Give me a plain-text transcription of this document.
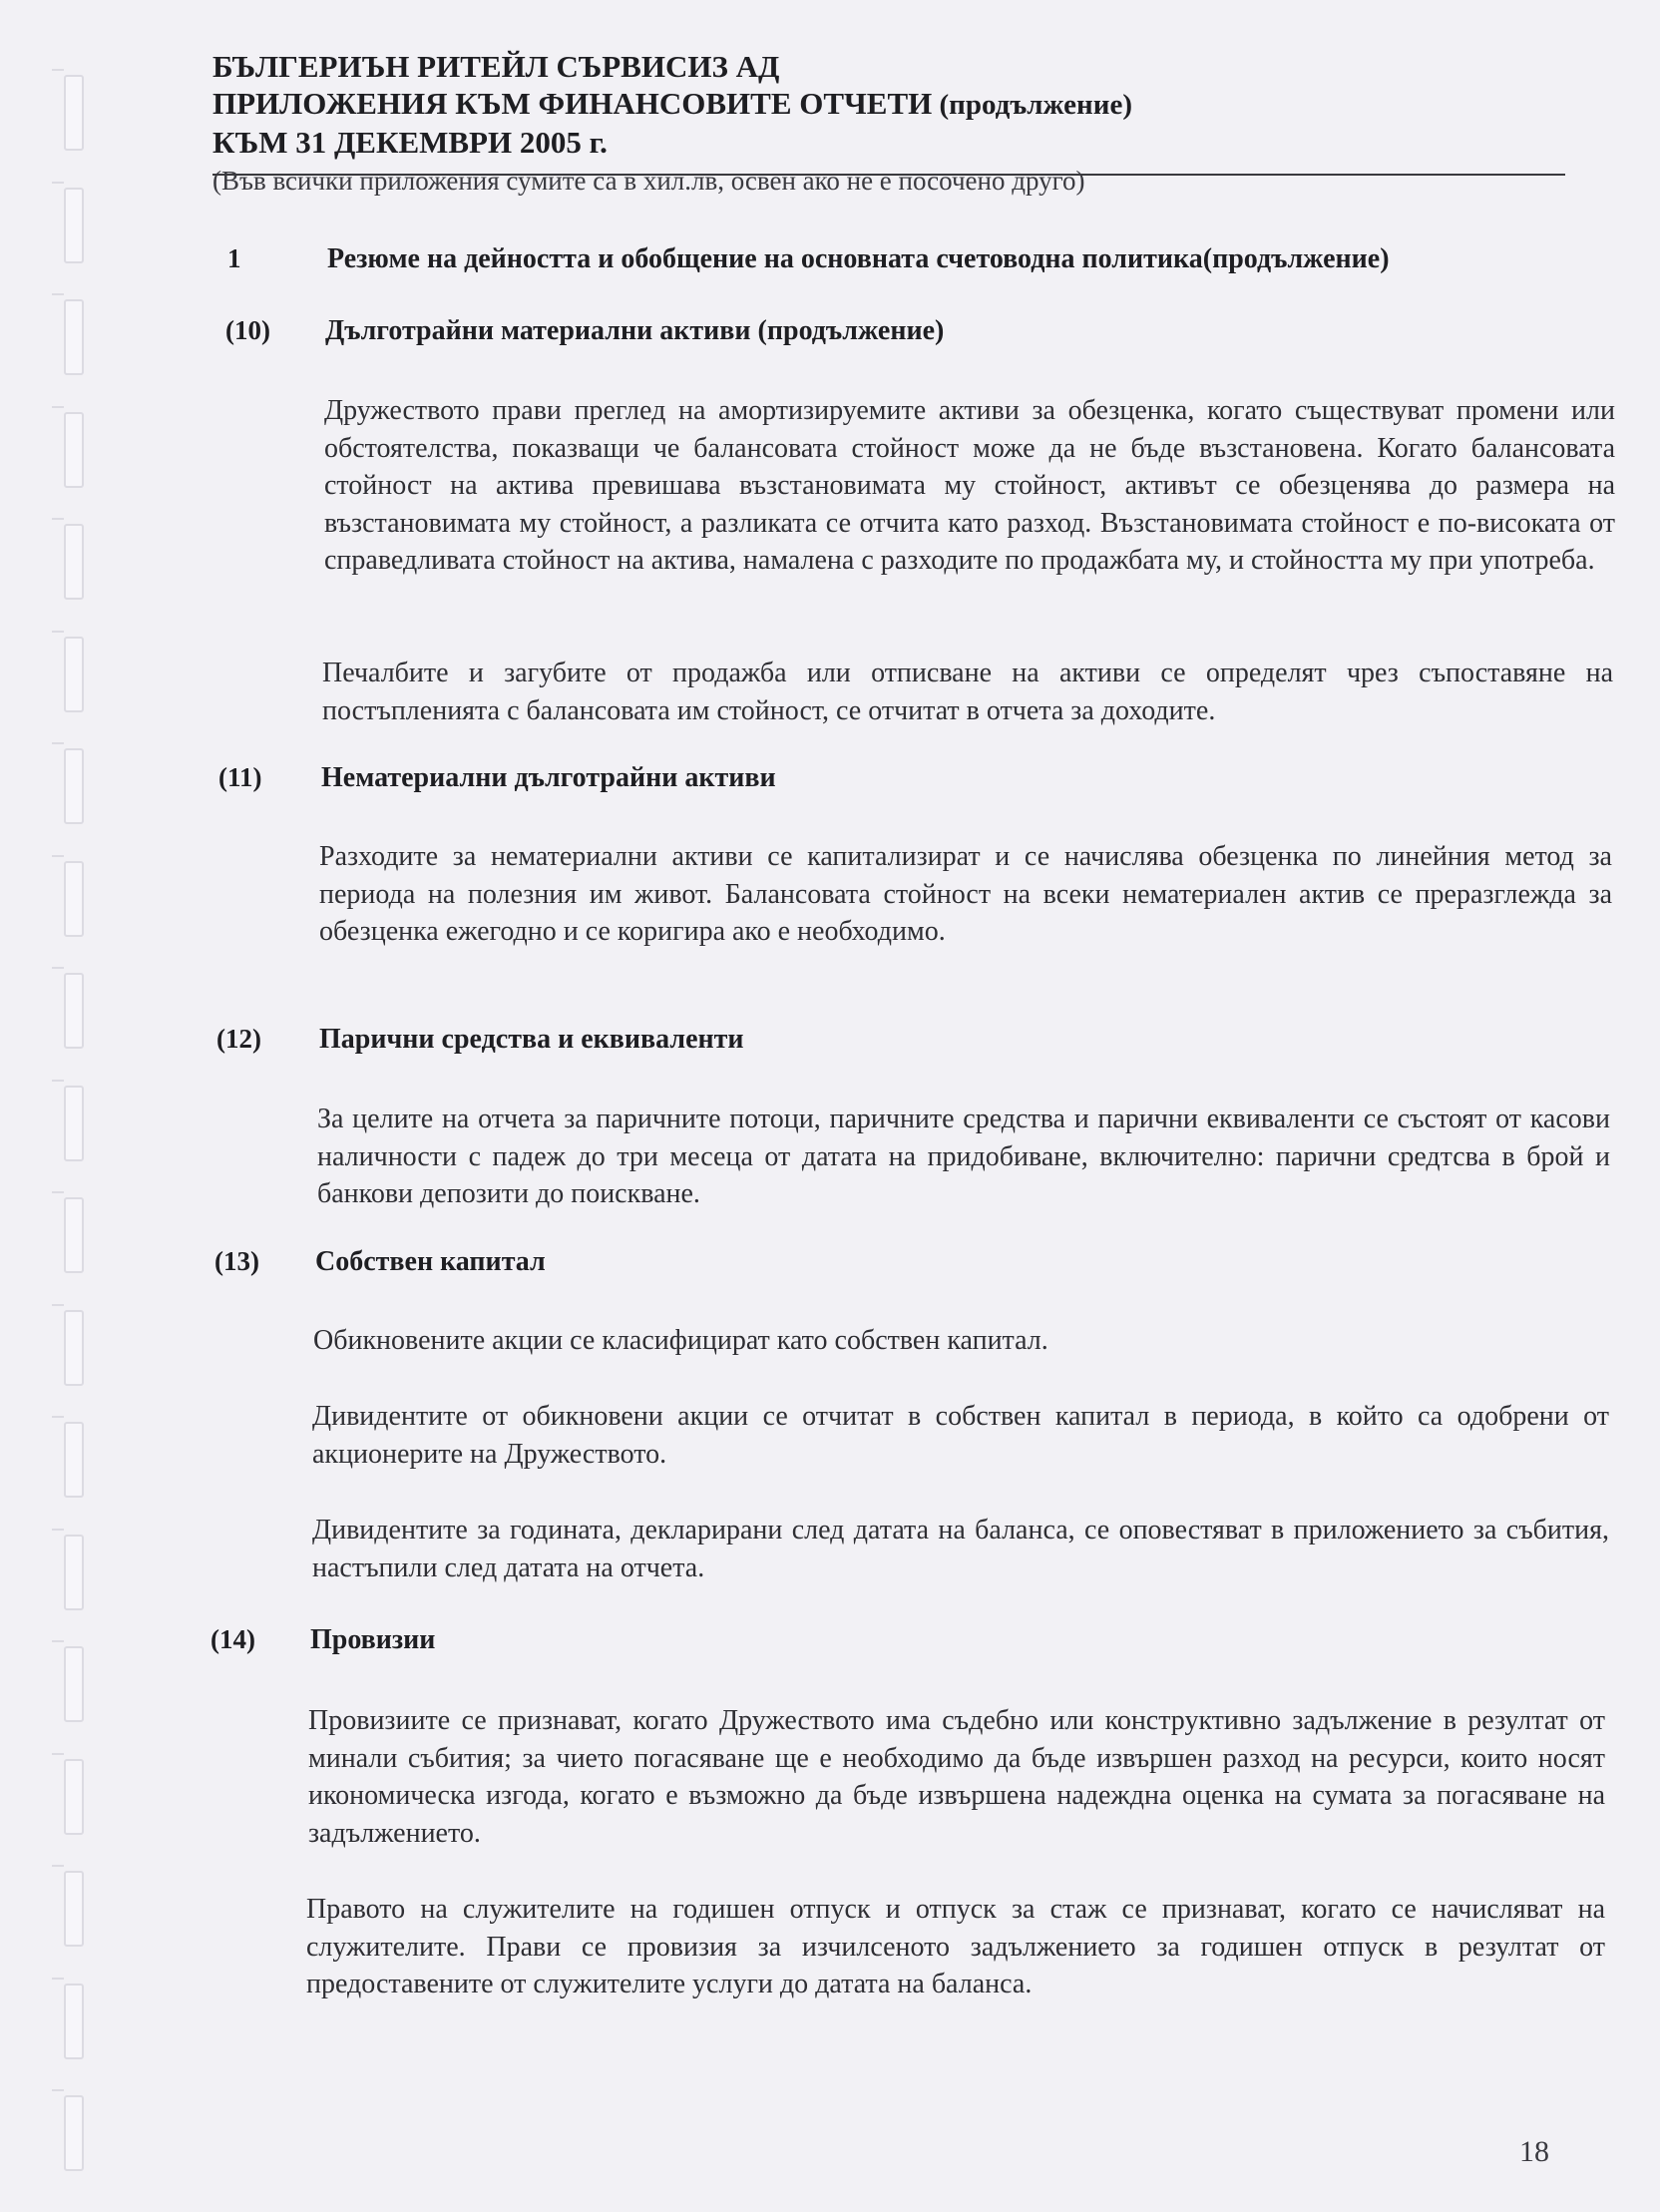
БЪЛГЕРИЪН РИТЕЙЛ СЪРВИСИЗ АД
ПРИЛОЖЕНИЯ КЪМ ФИНАНСОВИТЕ ОТЧЕТИ (продължение)
КЪМ 31 ДЕКЕМВРИ 2005 г.
(Във всички приложения сумите са в хил.лв, освен ако не е посочено друго)
1	Резюме на дейността и обобщение на основната счетоводна политика(продължение)
(10) Дълготрайни материални активи (продължение)

Дружеството прави преглед на амортизируемите активи за обезценка, когато съществуват промени или обстоятелства, показващи че балансовата стойност може да не бъде възстановена. Когато балансовата стойност на актива превишава възстановимата му стойност, активът се обезценява до размера на възстановимата му стойност, а разликата се отчита като разход. Възстановимата стойност е по-високата от справедливата стойност на актива, намалена с разходите по продажбата му, и стойността му при употреба.

Печалбите и загубите от продажба или отписване на активи се определят чрез съпоставяне на постъпленията с балансовата им стойност, се отчитат в отчета за доходите.

(11) Нематериални дълготрайни активи

Разходите за нематериални активи се капитализират и се начислява обезценка по линейния метод за периода на полезния им живот. Балансовата стойност на всеки нематериален актив се преразглежда за обезценка ежегодно и се коригира ако е необходимо.

(12) Парични средства и еквиваленти

За целите на отчета за паричните потоци, паричните средства и парични еквиваленти се състоят от касови наличности с падеж до три месеца от датата на придобиване, включително: парични средтсва в брой и банкови депозити до поискване.

(13) Собствен капитал

Обикновените акции се класифицират като собствен капитал.

Дивидентите от обикновени акции се отчитат в собствен капитал в периода, в който са одобрени от акционерите на Дружеството.

Дивидентите за годината, декларирани след датата на баланса, се оповестяват в приложението за събития, настъпили след датата на отчета.

(14) Провизии

Провизиите се признават, когато Дружеството има съдебно или конструктивно задължение в резултат от минали събития; за чието погасяване ще е необходимо да бъде извършен разход на ресурси, които носят икономическа изгода, когато е възможно да бъде извършена надеждна оценка на сумата за погасяване на задължението.

Правото на служителите на годишен отпуск и отпуск за стаж се признават, когато се начисляват на служителите. Прави се провизия за изчилсеното задължението за годишен отпуск в резултат от предоставените от служителите услуги до датата на баланса.

18
